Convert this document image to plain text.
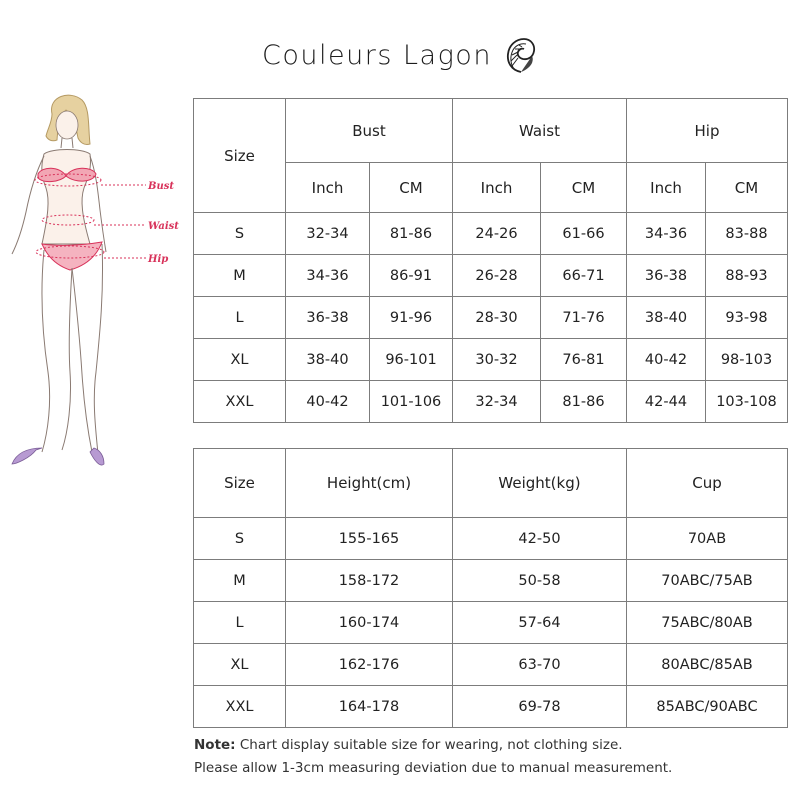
Couleurs Lagon
Bust
Waist
Hip
Size	Bust		Waist		Hip	
	Inch	CM	Inch	CM	Inch	CM
S	32-34	81-86	24-26	61-66	34-36	83-88
M	34-36	86-91	26-28	66-71	36-38	88-93
L	36-38	91-96	28-30	71-76	38-40	93-98
XL	38-40	96-101	30-32	76-81	40-42	98-103
XXL	40-42	101-106	32-34	81-86	42-44	103-108
Size	Height(cm)	Weight(kg)	Cup
S	155-165	42-50	70AB
M	158-172	50-58	70ABC/75AB
L	160-174	57-64	75ABC/80AB
XL	162-176	63-70	80ABC/85AB
XXL	164-178	69-78	85ABC/90ABC
Note: Chart display suitable size for wearing, not clothing size.
Please allow 1-3cm measuring deviation due to manual measurement.
